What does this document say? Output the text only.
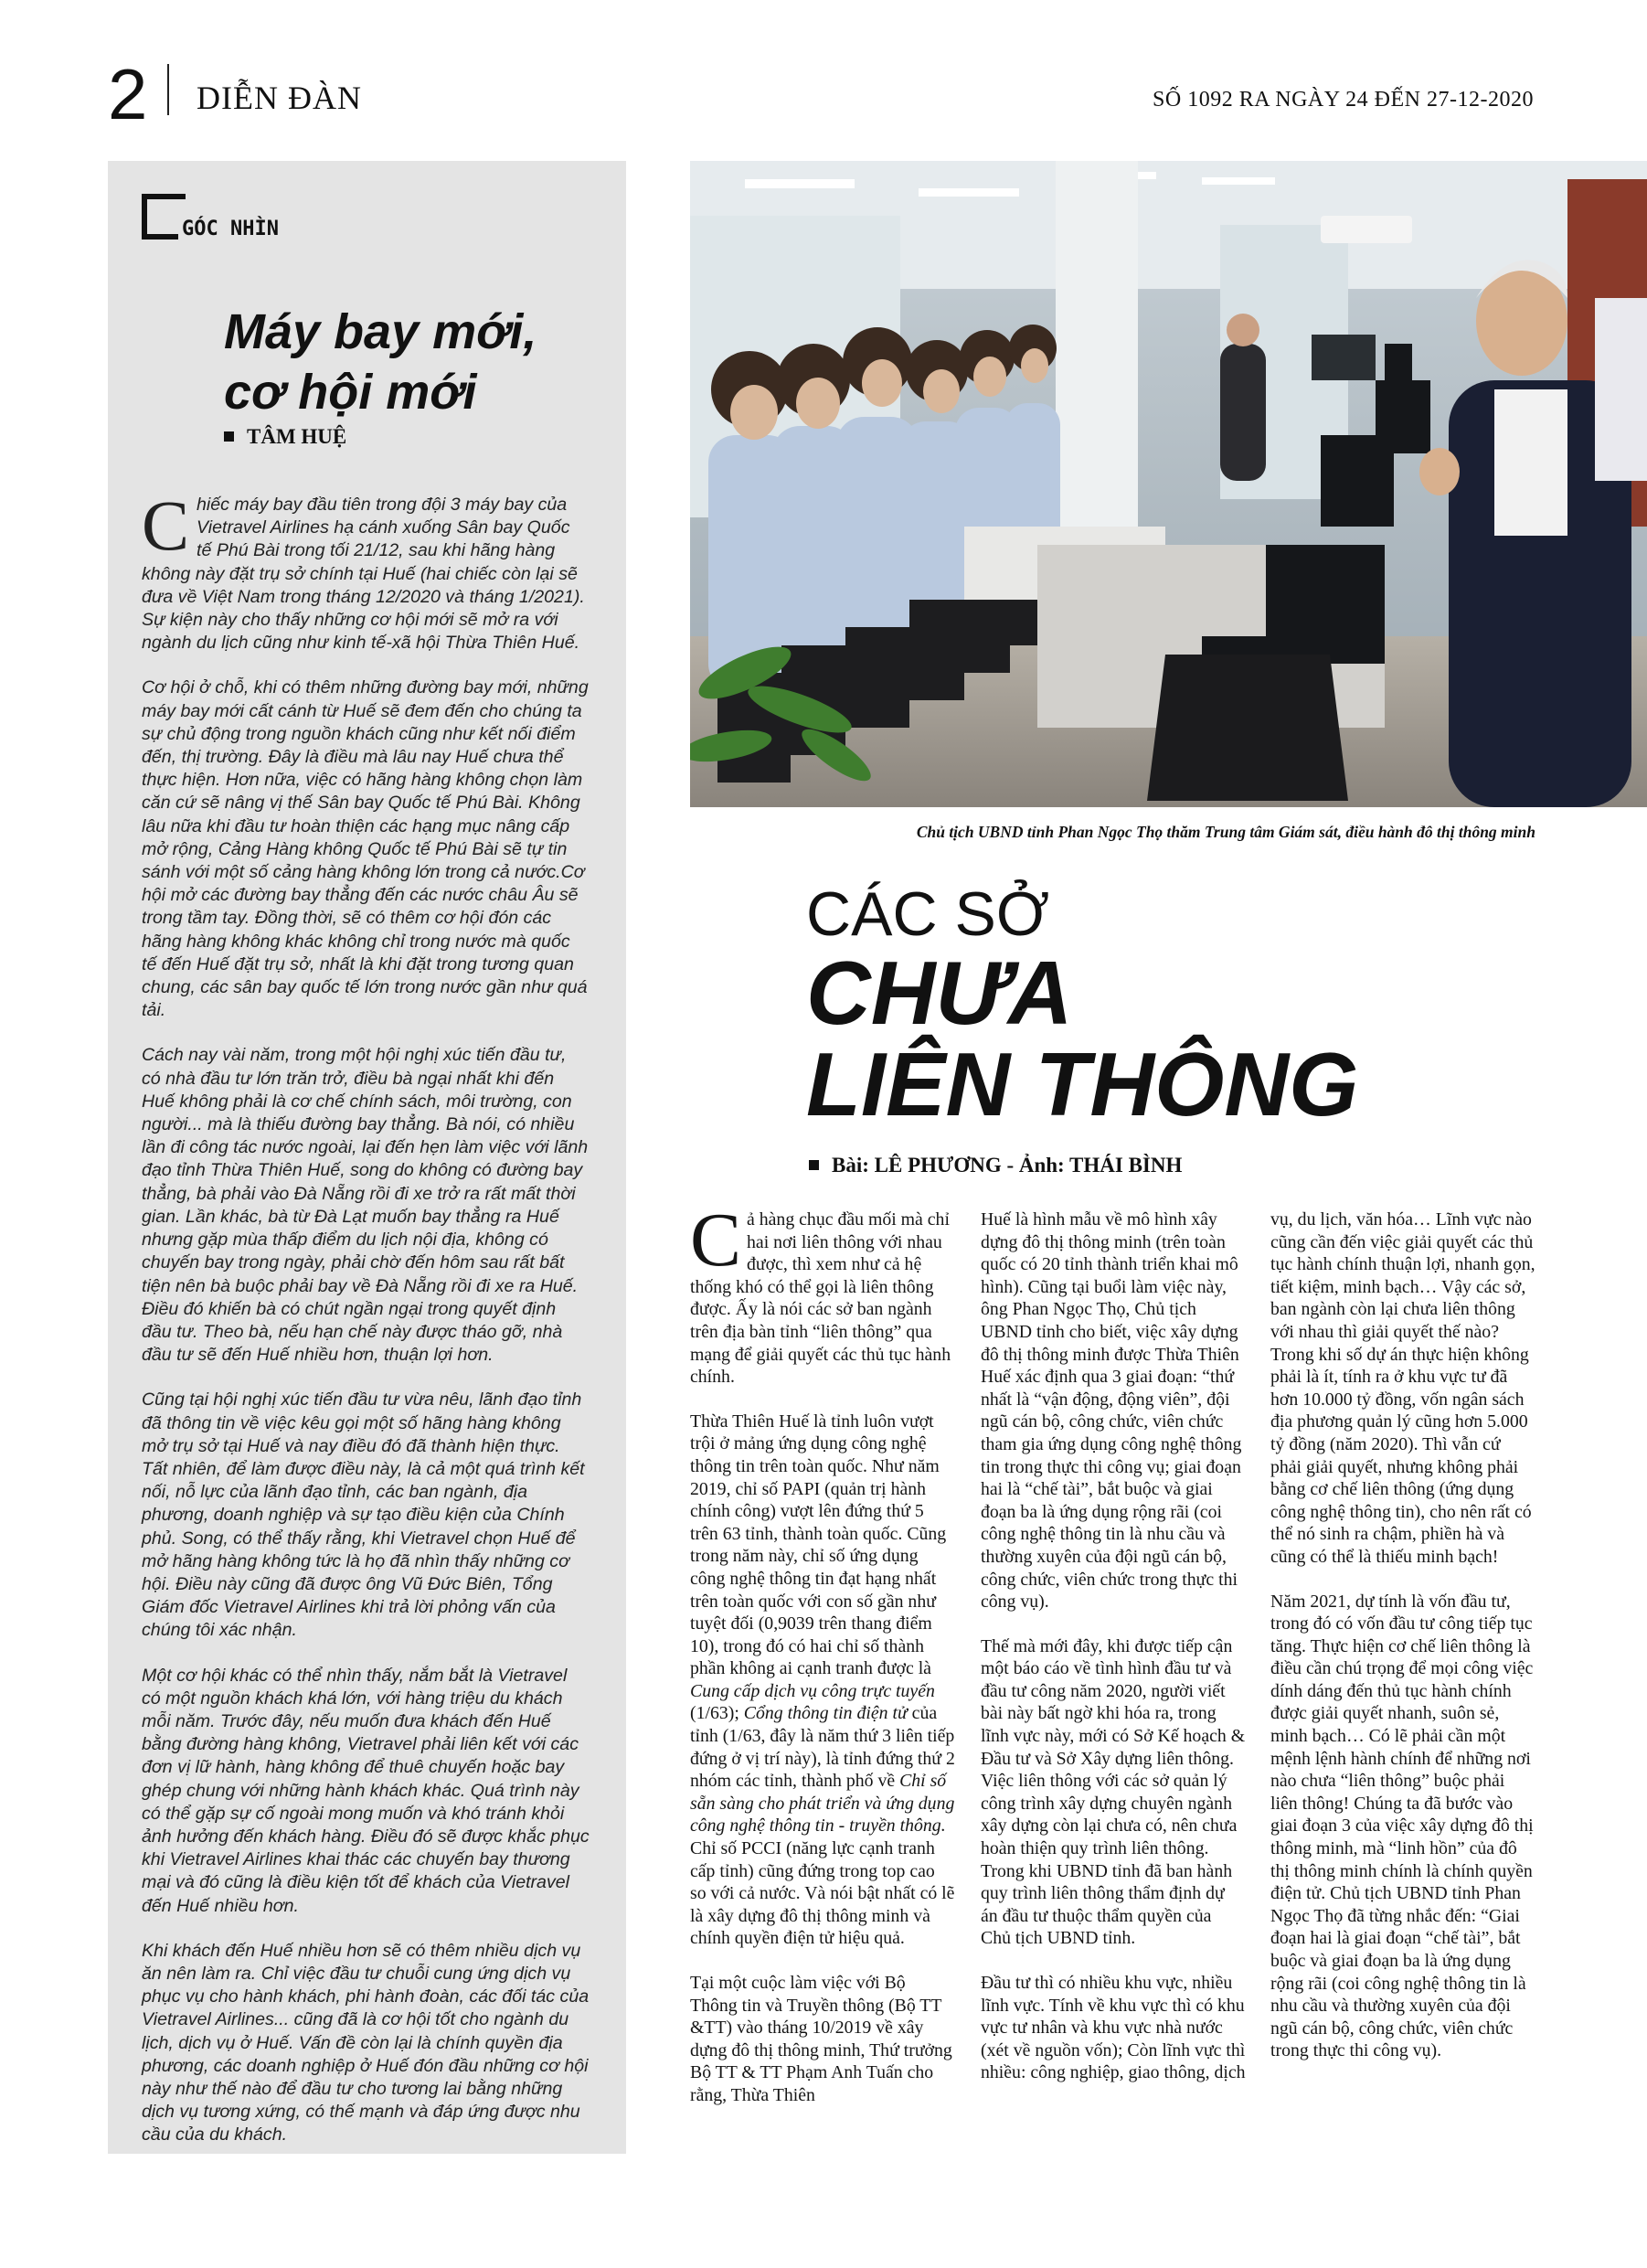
2 DIỄN ĐÀN	SỐ 1092 RA NGÀY 24 ĐẾN 27-12-2020
GÓC NHÌN
Máy bay mới,
cơ hội mới
TÂM HUỆ

Chiếc máy bay đầu tiên trong đội 3 máy bay của Vietravel Airlines hạ cánh xuống Sân bay Quốc tế Phú Bài trong tối 21/12, sau khi hãng hàng không này đặt trụ sở chính tại Huế (hai chiếc còn lại sẽ đưa về Việt Nam trong tháng 12/2020 và tháng 1/2021). Sự kiện này cho thấy những cơ hội mới sẽ mở ra với ngành du lịch cũng như kinh tế-xã hội Thừa Thiên Huế.

Cơ hội ở chỗ, khi có thêm những đường bay mới, những máy bay mới cất cánh từ Huế sẽ đem đến cho chúng ta sự chủ động trong nguồn khách cũng như kết nối điểm đến, thị trường. Đây là điều mà lâu nay Huế chưa thể thực hiện. Hơn nữa, việc có hãng hàng không chọn làm căn cứ sẽ nâng vị thế Sân bay Quốc tế Phú Bài. Không lâu nữa khi đầu tư hoàn thiện các hạng mục nâng cấp mở rộng, Cảng Hàng không Quốc tế Phú Bài sẽ tự tin sánh với một số cảng hàng không lớn trong cả nước.Cơ hội mở các đường bay thẳng đến các nước châu Âu sẽ trong tầm tay. Đồng thời, sẽ có thêm cơ hội đón các hãng hàng không khác không chỉ trong nước mà quốc tế đến Huế đặt trụ sở, nhất là khi đặt trong tương quan chung, các sân bay quốc tế lớn trong nước gần như quá tải.

Cách nay vài năm, trong một hội nghị xúc tiến đầu tư, có nhà đầu tư lớn trăn trở, điều bà ngại nhất khi đến Huế không phải là cơ chế chính sách, môi trường, con người... mà là thiếu đường bay thẳng. Bà nói, có nhiều lần đi công tác nước ngoài, lại đến hẹn làm việc với lãnh đạo tỉnh Thừa Thiên Huế, song do không có đường bay thẳng, bà phải vào Đà Nẵng rồi đi xe trở ra rất mất thời gian. Lần khác, bà từ Đà Lạt muốn bay thẳng ra Huế nhưng gặp mùa thấp điểm du lịch nội địa, không có chuyến bay trong ngày, phải chờ đến hôm sau rất bất tiện nên bà buộc phải bay về Đà Nẵng rồi đi xe ra Huế. Điều đó khiến bà có chút ngần ngại trong quyết định đầu tư. Theo bà, nếu hạn chế này được tháo gỡ, nhà đầu tư sẽ đến Huế nhiều hơn, thuận lợi hơn.

Cũng tại hội nghị xúc tiến đầu tư vừa nêu, lãnh đạo tỉnh đã thông tin về việc kêu gọi một số hãng hàng không mở trụ sở tại Huế và nay điều đó đã thành hiện thực. Tất nhiên, để làm được điều này, là cả một quá trình kết nối, nỗ lực của lãnh đạo tỉnh, các ban ngành, địa phương, doanh nghiệp và sự tạo điều kiện của Chính phủ. Song, có thể thấy rằng, khi Vietravel chọn Huế để mở hãng hàng không tức là họ đã nhìn thấy những cơ hội. Điều này cũng đã được ông Vũ Đức Biên, Tổng Giám đốc Vietravel Airlines khi trả lời phỏng vấn của chúng tôi xác nhận.

Một cơ hội khác có thể nhìn thấy, nắm bắt là Vietravel có một nguồn khách khá lớn, với hàng triệu du khách mỗi năm. Trước đây, nếu muốn đưa khách đến Huế bằng đường hàng không, Vietravel phải liên kết với các đơn vị lữ hành, hàng không để thuê chuyến hoặc bay ghép chung với những hành khách khác. Quá trình này có thể gặp sự cố ngoài mong muốn và khó tránh khỏi ảnh hưởng đến khách hàng. Điều đó sẽ được khắc phục khi Vietravel Airlines khai thác các chuyến bay thương mại và đó cũng là điều kiện tốt để khách của Vietravel đến Huế nhiều hơn.

Khi khách đến Huế nhiều hơn sẽ có thêm nhiều dịch vụ ăn nên làm ra. Chỉ việc đầu tư chuỗi cung ứng dịch vụ phục vụ cho hành khách, phi hành đoàn, các đối tác của Vietravel Airlines... cũng đã là cơ hội tốt cho ngành du lịch, dịch vụ ở Huế. Vấn đề còn lại là chính quyền địa phương, các doanh nghiệp ở Huế đón đầu những cơ hội này như thế nào để đầu tư cho tương lai bằng những dịch vụ tương xứng, có thế mạnh và đáp ứng được nhu cầu của du khách.

Chủ tịch UBND tỉnh Phan Ngọc Thọ thăm Trung tâm Giám sát, điều hành đô thị thông minh
CÁC SỞ
CHƯA
LIÊN THÔNG
Bài: LÊ PHƯƠNG - Ảnh: THÁI BÌNH

Cả hàng chục đầu mối mà chỉ hai nơi liên thông với nhau được, thì xem như cả hệ thống khó có thể gọi là liên thông được. Ấy là nói các sở ban ngành trên địa bàn tỉnh “liên thông” qua mạng để giải quyết các thủ tục hành chính.

Thừa Thiên Huế là tỉnh luôn vượt trội ở mảng ứng dụng công nghệ thông tin trên toàn quốc. Như năm 2019, chỉ số PAPI (quản trị hành chính công) vượt lên đứng thứ 5 trên 63 tỉnh, thành toàn quốc. Cũng trong năm này, chỉ số ứng dụng công nghệ thông tin đạt hạng nhất trên toàn quốc với con số gần như tuyệt đối (0,9039 trên thang điểm 10), trong đó có hai chỉ số thành phần không ai cạnh tranh được là Cung cấp dịch vụ công trực tuyến (1/63); Cổng thông tin điện tử của tỉnh (1/63, đây là năm thứ 3 liên tiếp đứng ở vị trí này), là tỉnh đứng thứ 2 nhóm các tỉnh, thành phố về Chỉ số sẵn sàng cho phát triển và ứng dụng công nghệ thông tin - truyền thông. Chỉ số PCCI (năng lực cạnh tranh cấp tỉnh) cũng đứng trong top cao so với cả nước. Và nói bật nhất có lẽ là xây dựng đô thị thông minh và chính quyền điện tử hiệu quả.

Tại một cuộc làm việc với Bộ Thông tin và Truyền thông (Bộ TT &TT) vào tháng 10/2019 về xây dựng đô thị thông minh, Thứ trưởng Bộ TT & TT Phạm Anh Tuấn cho rằng, Thừa Thiên

Huế là hình mẫu về mô hình xây dựng đô thị thông minh (trên toàn quốc có 20 tỉnh thành triển khai mô hình). Cũng tại buổi làm việc này, ông Phan Ngọc Thọ, Chủ tịch UBND tỉnh cho biết, việc xây dựng đô thị thông minh được Thừa Thiên Huế xác định qua 3 giai đoạn: “thứ nhất là “vận động, động viên”, đội ngũ cán bộ, công chức, viên chức tham gia ứng dụng công nghệ thông tin trong thực thi công vụ; giai đoạn hai là “chế tài”, bắt buộc và giai đoạn ba là ứng dụng rộng rãi (coi công nghệ thông tin là nhu cầu và thường xuyên của đội ngũ cán bộ, công chức, viên chức trong thực thi công vụ).

Thế mà mới đây, khi được tiếp cận một báo cáo về tình hình đầu tư và đầu tư công năm 2020, người viết bài này bất ngờ khi hóa ra, trong lĩnh vực này, mới có Sở Kế hoạch & Đầu tư và Sở Xây dựng liên thông. Việc liên thông với các sở quản lý công trình xây dựng chuyên ngành xây dựng còn lại chưa có, nên chưa hoàn thiện quy trình liên thông. Trong khi UBND tỉnh đã ban hành quy trình liên thông thẩm định dự án đầu tư thuộc thẩm quyền của Chủ tịch UBND tỉnh.

Đầu tư thì có nhiều khu vực, nhiều lĩnh vực. Tính về khu vực thì có khu vực tư nhân và khu vực nhà nước (xét về nguồn vốn); Còn lĩnh vực thì nhiều: công nghiệp, giao thông, dịch

vụ, du lịch, văn hóa… Lĩnh vực nào cũng cần đến việc giải quyết các thủ tục hành chính thuận lợi, nhanh gọn, tiết kiệm, minh bạch… Vậy các sở, ban ngành còn lại chưa liên thông với nhau thì giải quyết thế nào? Trong khi số dự án thực hiện không phải là ít, tính ra ở khu vực tư đã hơn 10.000 tỷ đồng, vốn ngân sách địa phương quản lý cũng hơn 5.000 tỷ đồng (năm 2020). Thì vẫn cứ phải giải quyết, nhưng không phải bằng cơ chế liên thông (ứng dụng công nghệ thông tin), cho nên rất có thể nó sinh ra chậm, phiền hà và cũng có thể là thiếu minh bạch!

Năm 2021, dự tính là vốn đầu tư, trong đó có vốn đầu tư công tiếp tục tăng. Thực hiện cơ chế liên thông là điều cần chú trọng để mọi công việc dính dáng đến thủ tục hành chính được giải quyết nhanh, suôn sẻ, minh bạch… Có lẽ phải cần một mệnh lệnh hành chính để những nơi nào chưa “liên thông” buộc phải liên thông! Chúng ta đã bước vào giai đoạn 3 của việc xây dựng đô thị thông minh, mà “linh hồn” của đô thị thông minh chính là chính quyền điện tử. Chủ tịch UBND tỉnh Phan Ngọc Thọ đã từng nhắc đến: “Giai đoạn hai là giai đoạn “chế tài”, bắt buộc và giai đoạn ba là ứng dụng rộng rãi (coi công nghệ thông tin là nhu cầu và thường xuyên của đội ngũ cán bộ, công chức, viên chức trong thực thi công vụ).
